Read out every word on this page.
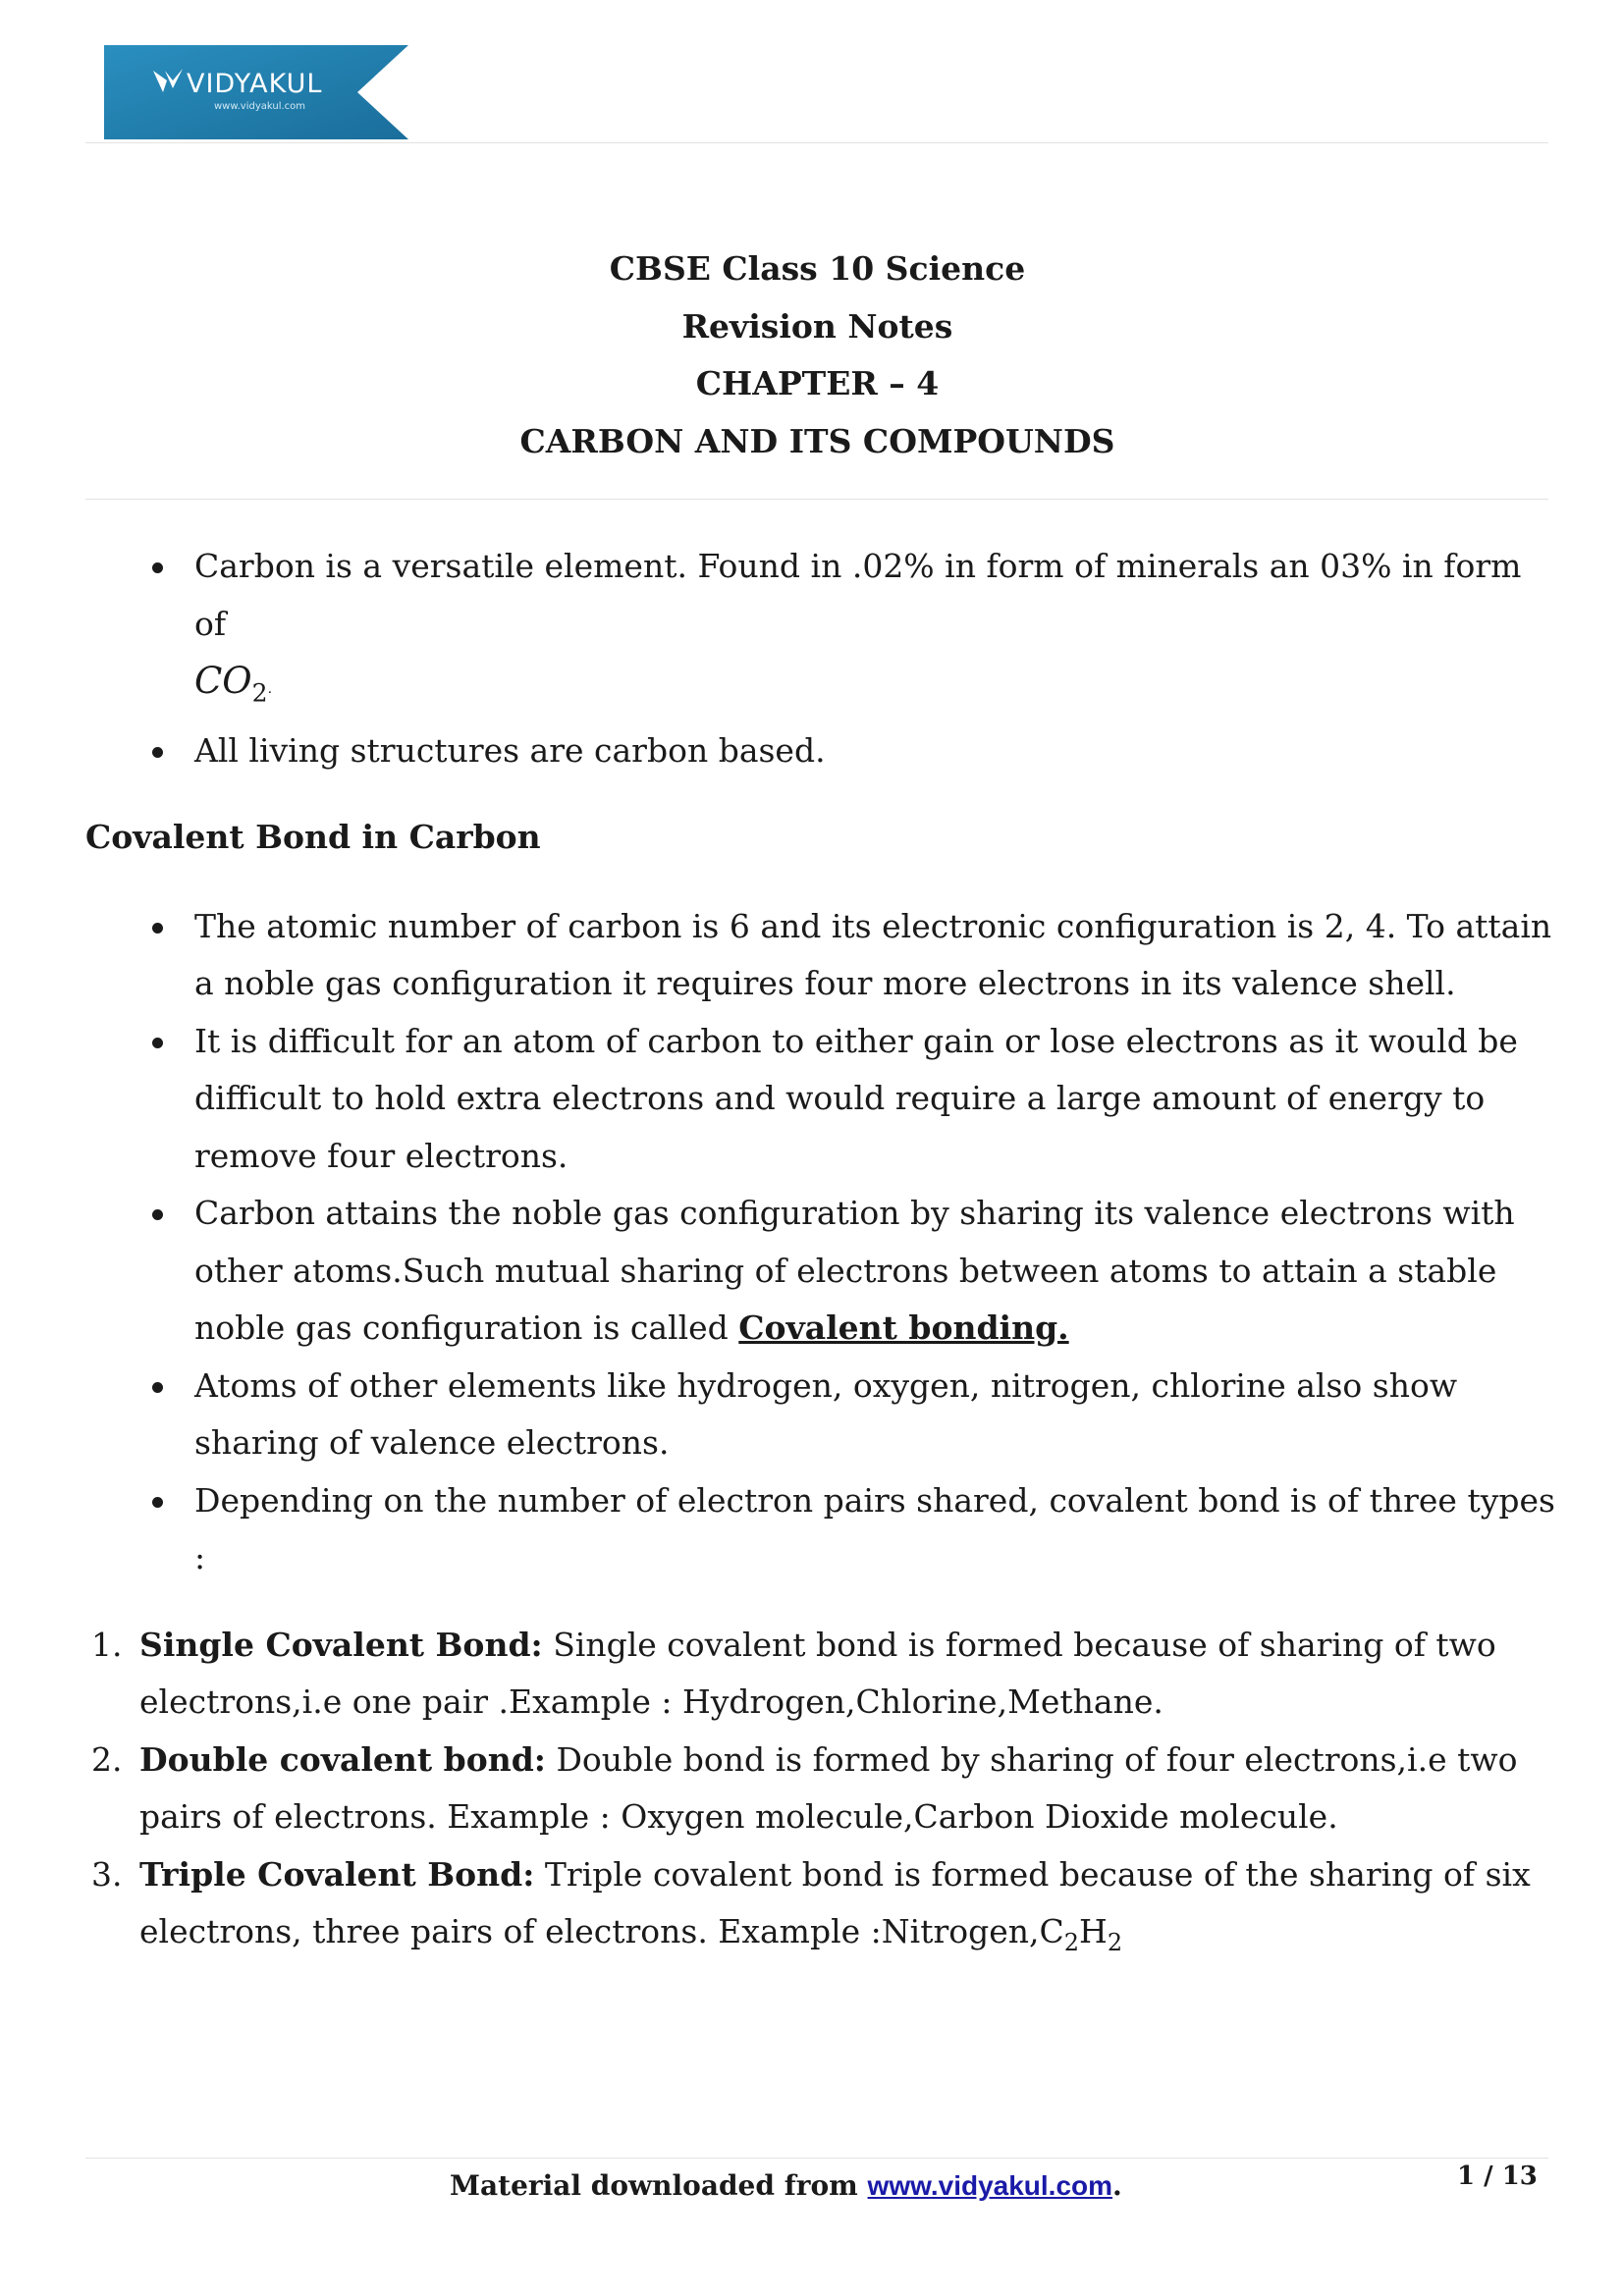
VIDYAKUL
www.vidyakul.com
CBSE Class 10 Science
Revision Notes
CHAPTER – 4
CARBON AND ITS COMPOUNDS
Carbon is a versatile element. Found in .02% in form of minerals an 03% in form of
$CO_2$.
All living structures are carbon based.
Covalent Bond in Carbon
The atomic number of carbon is 6 and its electronic configuration is 2, 4. To attain a noble gas configuration it requires four more electrons in its valence shell.
It is difficult for an atom of carbon to either gain or lose electrons as it would be difficult to hold extra electrons and would require a large amount of energy to remove four electrons.
Carbon attains the noble gas configuration by sharing its valence electrons with other atoms.Such mutual sharing of electrons between atoms to attain a stable noble gas configuration is called Covalent bonding.
Atoms of other elements like hydrogen, oxygen, nitrogen, chlorine also show sharing of valence electrons.
Depending on the number of electron pairs shared, covalent bond is of three types :
1. Single Covalent Bond: Single covalent bond is formed because of sharing of two electrons,i.e one pair .Example : Hydrogen,Chlorine,Methane.
2. Double covalent bond: Double bond is formed by sharing of four electrons,i.e two pairs of electrons. Example : Oxygen molecule,Carbon Dioxide molecule.
3. Triple Covalent Bond: Triple covalent bond is formed because of the sharing of six electrons, three pairs of electrons. Example $:Nitrogen,C_2H_2$
Material downloaded from www.vidyakul.com.	1 / 13
